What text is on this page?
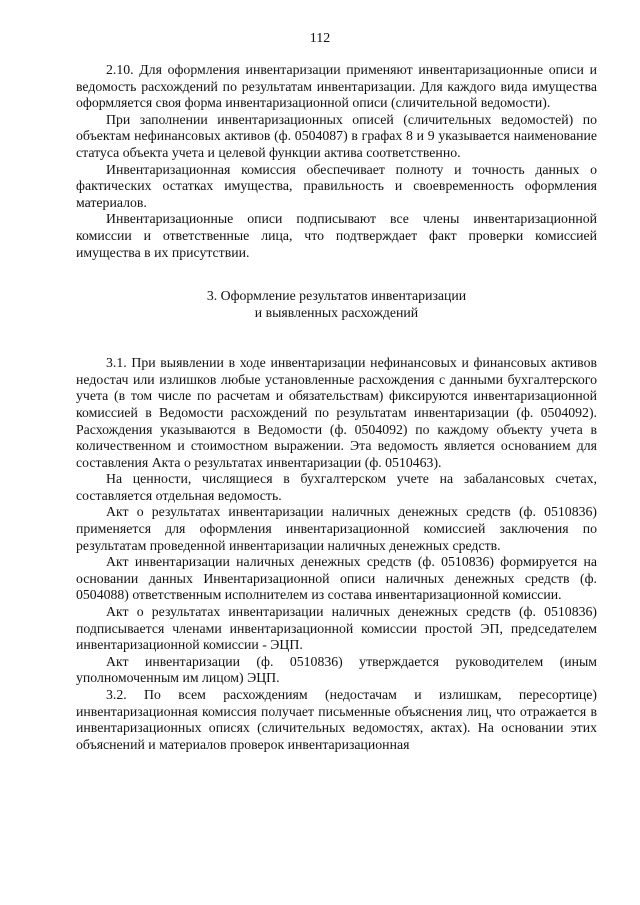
112

2.10. Для оформления инвентаризации применяют инвентаризационные описи и ведомость расхождений по результатам инвентаризации. Для каждого вида имущества оформляется своя форма инвентаризационной описи (сличительной ведомости).

При заполнении инвентаризационных описей (сличительных ведомостей) по объектам нефинансовых активов (ф. 0504087) в графах 8 и 9 указывается наименование статуса объекта учета и целевой функции актива соответственно.

Инвентаризационная комиссия обеспечивает полноту и точность данных о фактических остатках имущества, правильность и своевременность оформления материалов.

Инвентаризационные описи подписывают все члены инвентаризационной комиссии и ответственные лица, что подтверждает факт проверки комиссией имущества в их присутствии.

3. Оформление результатов инвентаризации
и выявленных расхождений

3.1. При выявлении в ходе инвентаризации нефинансовых и финансовых активов недостач или излишков любые установленные расхождения с данными бухгалтерского учета (в том числе по расчетам и обязательствам) фиксируются инвентаризационной комиссией в Ведомости расхождений по результатам инвентаризации (ф. 0504092). Расхождения указываются в Ведомости (ф. 0504092) по каждому объекту учета в количественном и стоимостном выражении. Эта ведомость является основанием для составления Акта о результатах инвентаризации (ф. 0510463).

На ценности, числящиеся в бухгалтерском учете на забалансовых счетах, составляется отдельная ведомость.

Акт о результатах инвентаризации наличных денежных средств (ф. 0510836) применяется для оформления инвентаризационной комиссией заключения по результатам проведенной инвентаризации наличных денежных средств.

Акт инвентаризации наличных денежных средств (ф. 0510836) формируется на основании данных Инвентаризационной описи наличных денежных средств (ф. 0504088) ответственным исполнителем из состава инвентаризационной комиссии.

Акт о результатах инвентаризации наличных денежных средств (ф. 0510836) подписывается членами инвентаризационной комиссии простой ЭП, председателем инвентаризационной комиссии - ЭЦП.

Акт инвентаризации (ф. 0510836) утверждается руководителем (иным уполномоченным им лицом) ЭЦП.

3.2. По всем расхождениям (недостачам и излишкам, пересортице) инвентаризационная комиссия получает письменные объяснения лиц, что отражается в инвентаризационных описях (сличительных ведомостях, актах). На основании этих объяснений и материалов проверок инвентаризационная
